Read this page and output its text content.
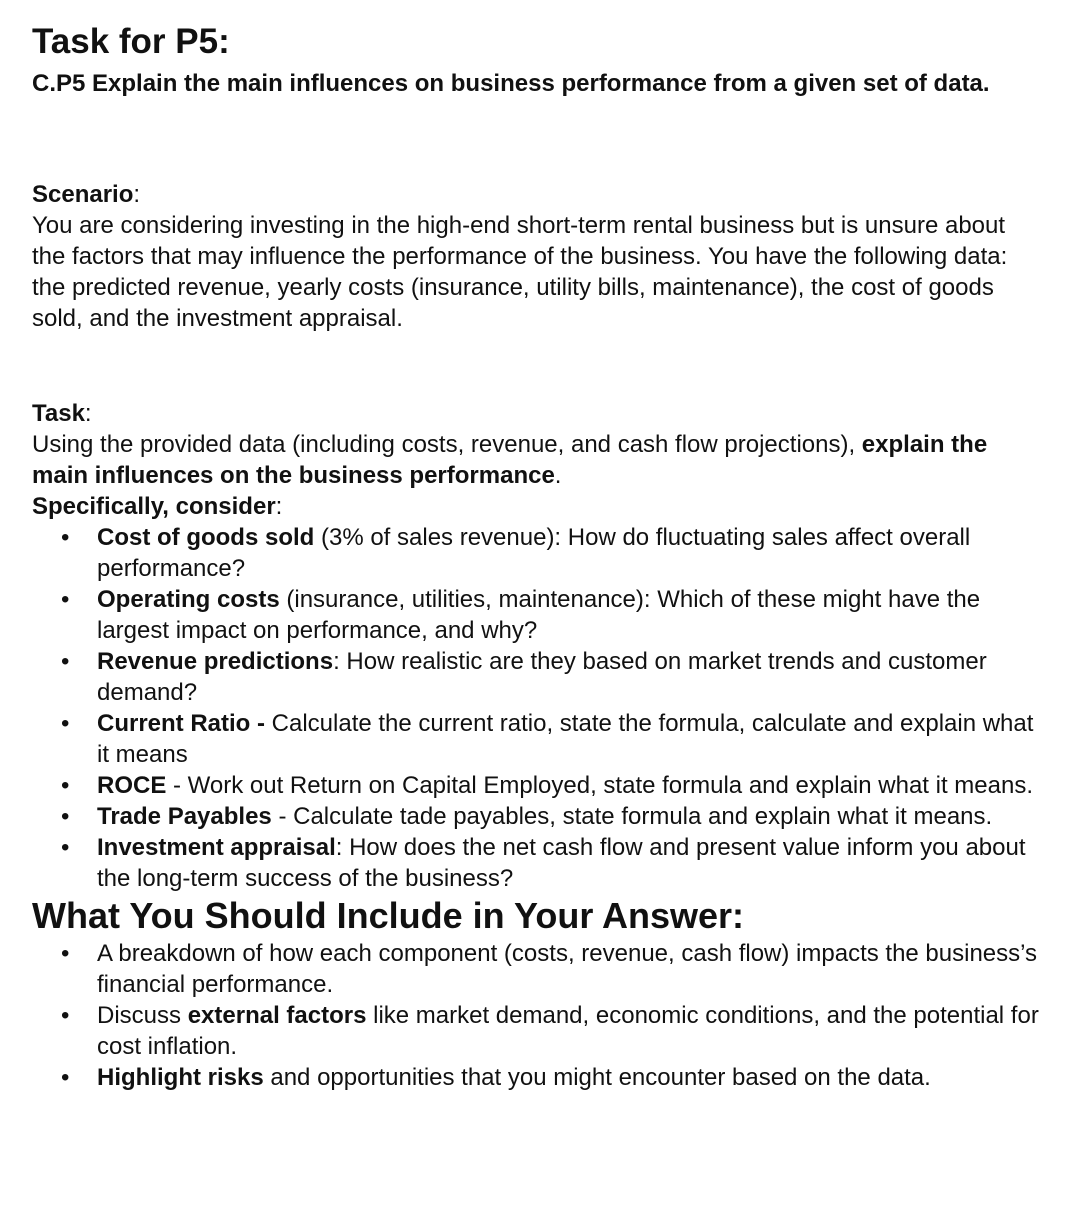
Task for P5:
C.P5 Explain the main influences on business performance from a given set of data.
Scenario:

You are considering investing in the high-end short-term rental business but is unsure about the factors that may influence the performance of the business. You have the following data: the predicted revenue, yearly costs (insurance, utility bills, maintenance), the cost of goods sold, and the investment appraisal.

Task:

Using the provided data (including costs, revenue, and cash flow projections), explain the main influences on the business performance.

Specifically, consider:

• Cost of goods sold (3% of sales revenue): How do fluctuating sales affect overall performance?
• Operating costs (insurance, utilities, maintenance): Which of these might have the largest impact on performance, and why?
• Revenue predictions: How realistic are they based on market trends and customer demand?
• Current Ratio - Calculate the current ratio, state the formula, calculate and explain what it means
• ROCE - Work out Return on Capital Employed, state formula and explain what it means.
• Trade Payables - Calculate tade payables, state formula and explain what it means.
• Investment appraisal: How does the net cash flow and present value inform you about the long-term success of the business?
What You Should Include in Your Answer:
• A breakdown of how each component (costs, revenue, cash flow) impacts the business’s financial performance.
• Discuss external factors like market demand, economic conditions, and the potential for cost inflation.
• Highlight risks and opportunities that you might encounter based on the data.
